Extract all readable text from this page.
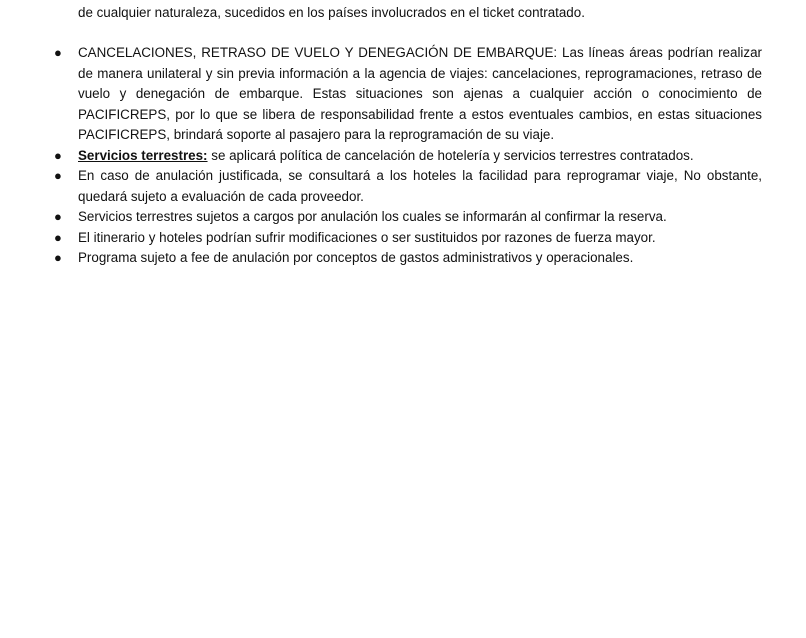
de cualquier naturaleza, sucedidos en los países involucrados en el ticket contratado.

● CANCELACIONES, RETRASO DE VUELO Y DENEGACIÓN DE EMBARQUE: Las líneas áreas podrían realizar de manera unilateral y sin previa información a la agencia de viajes: cancelaciones, reprogramaciones, retraso de vuelo y denegación de embarque. Estas situaciones son ajenas a cualquier acción o conocimiento de PACIFICREPS, por lo que se libera de responsabilidad frente a estos eventuales cambios, en estas situaciones PACIFICREPS, brindará soporte al pasajero para la reprogramación de su viaje.

● Servicios terrestres: se aplicará política de cancelación de hotelería y servicios terrestres contratados.

● En caso de anulación justificada, se consultará a los hoteles la facilidad para reprogramar viaje, No obstante, quedará sujeto a evaluación de cada proveedor.

● Servicios terrestres sujetos a cargos por anulación los cuales se informarán al confirmar la reserva.

● El itinerario y hoteles podrían sufrir modificaciones o ser sustituidos por razones de fuerza mayor.

● Programa sujeto a fee de anulación por conceptos de gastos administrativos y operacionales.
